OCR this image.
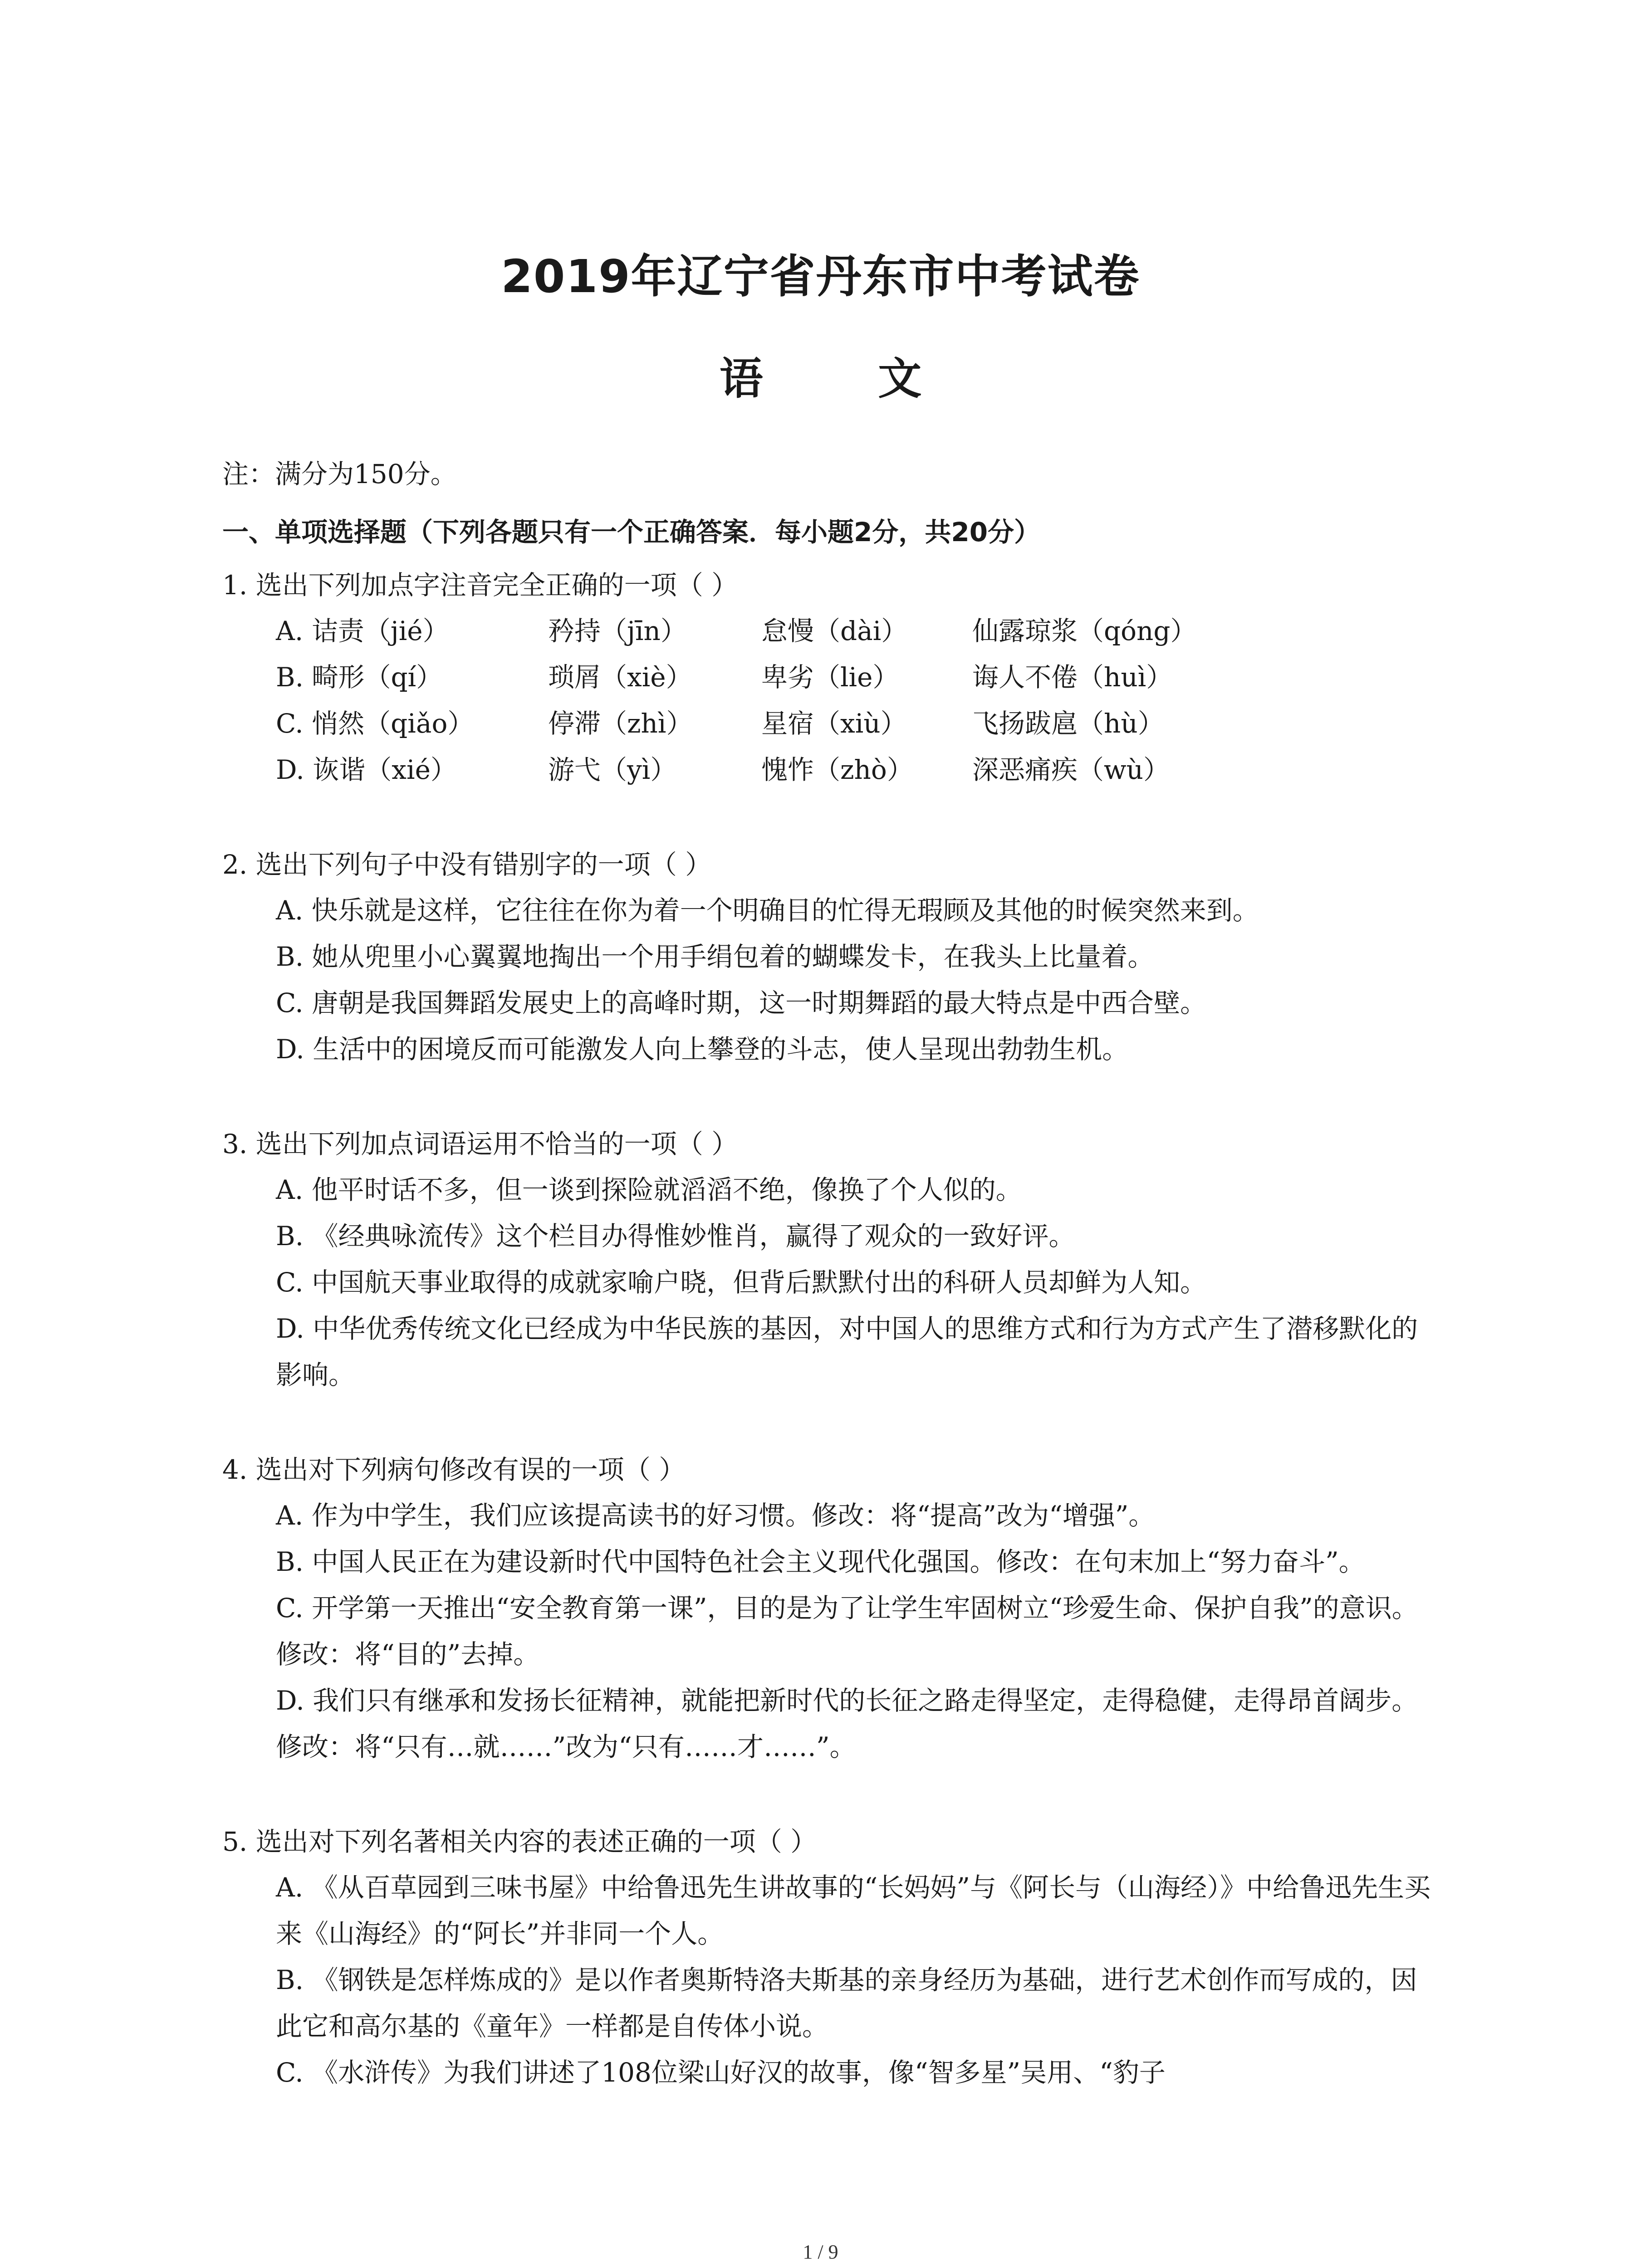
2019年辽宁省丹东市中考试卷
语 文
注：满分为150分。
一、单项选择题（下列各题只有一个正确答案．每小题2分，共20分）
1. 选出下列加点字注音完全正确的一项（ ）
A. 诘责（jié）	矜持（jīn）	怠慢（dài）	仙露琼浆（qóng）
B. 畸形（qí）	琐屑（xiè）	卑劣（lie）	诲人不倦（huì）
C. 悄然（qiǎo）	停滞（zhì）	星宿（xiù）	飞扬跋扈（hù）
D. 诙谐（xié）	游弋（yì）	愧怍（zhò）	深恶痛疾（wù）
2. 选出下列句子中没有错别字的一项（ ）
A. 快乐就是这样，它往往在你为着一个明确目的忙得无瑕顾及其他的时候突然来到。
B. 她从兜里小心翼翼地掏出一个用手绢包着的蝴蝶发卡，在我头上比量着。
C. 唐朝是我国舞蹈发展史上的高峰时期，这一时期舞蹈的最大特点是中西合壁。
D. 生活中的困境反而可能激发人向上攀登的斗志，使人呈现出勃勃生机。
3. 选出下列加点词语运用不恰当的一项（ ）
A. 他平时话不多，但一谈到探险就滔滔不绝，像换了个人似的。
B. 《经典咏流传》这个栏目办得惟妙惟肖，赢得了观众的一致好评。
C. 中国航天事业取得的成就家喻户晓，但背后默默付出的科研人员却鲜为人知。
D. 中华优秀传统文化已经成为中华民族的基因，对中国人的思维方式和行为方式产生了潜移默化的影响。
4. 选出对下列病句修改有误的一项（ ）
A. 作为中学生，我们应该提高读书的好习惯。修改：将“提高”改为“增强”。
B. 中国人民正在为建设新时代中国特色社会主义现代化强国。修改：在句末加上“努力奋斗”。
C. 开学第一天推出“安全教育第一课”，目的是为了让学生牢固树立“珍爱生命、保护自我”的意识。修改：将“目的”去掉。
D. 我们只有继承和发扬长征精神，就能把新时代的长征之路走得坚定，走得稳健，走得昂首阔步。修改：将“只有…就……”改为“只有……才……”。
5. 选出对下列名著相关内容的表述正确的一项（ ）
A. 《从百草园到三味书屋》中给鲁迅先生讲故事的“长妈妈”与《阿长与（山海经）》中给鲁迅先生买来《山海经》的“阿长”并非同一个人。
B. 《钢铁是怎样炼成的》是以作者奥斯特洛夫斯基的亲身经历为基础，进行艺术创作而写成的，因此它和高尔基的《童年》一样都是自传体小说。
C. 《水浒传》为我们讲述了108位梁山好汉的故事，像“智多星”吴用、“豹子
1 / 9
